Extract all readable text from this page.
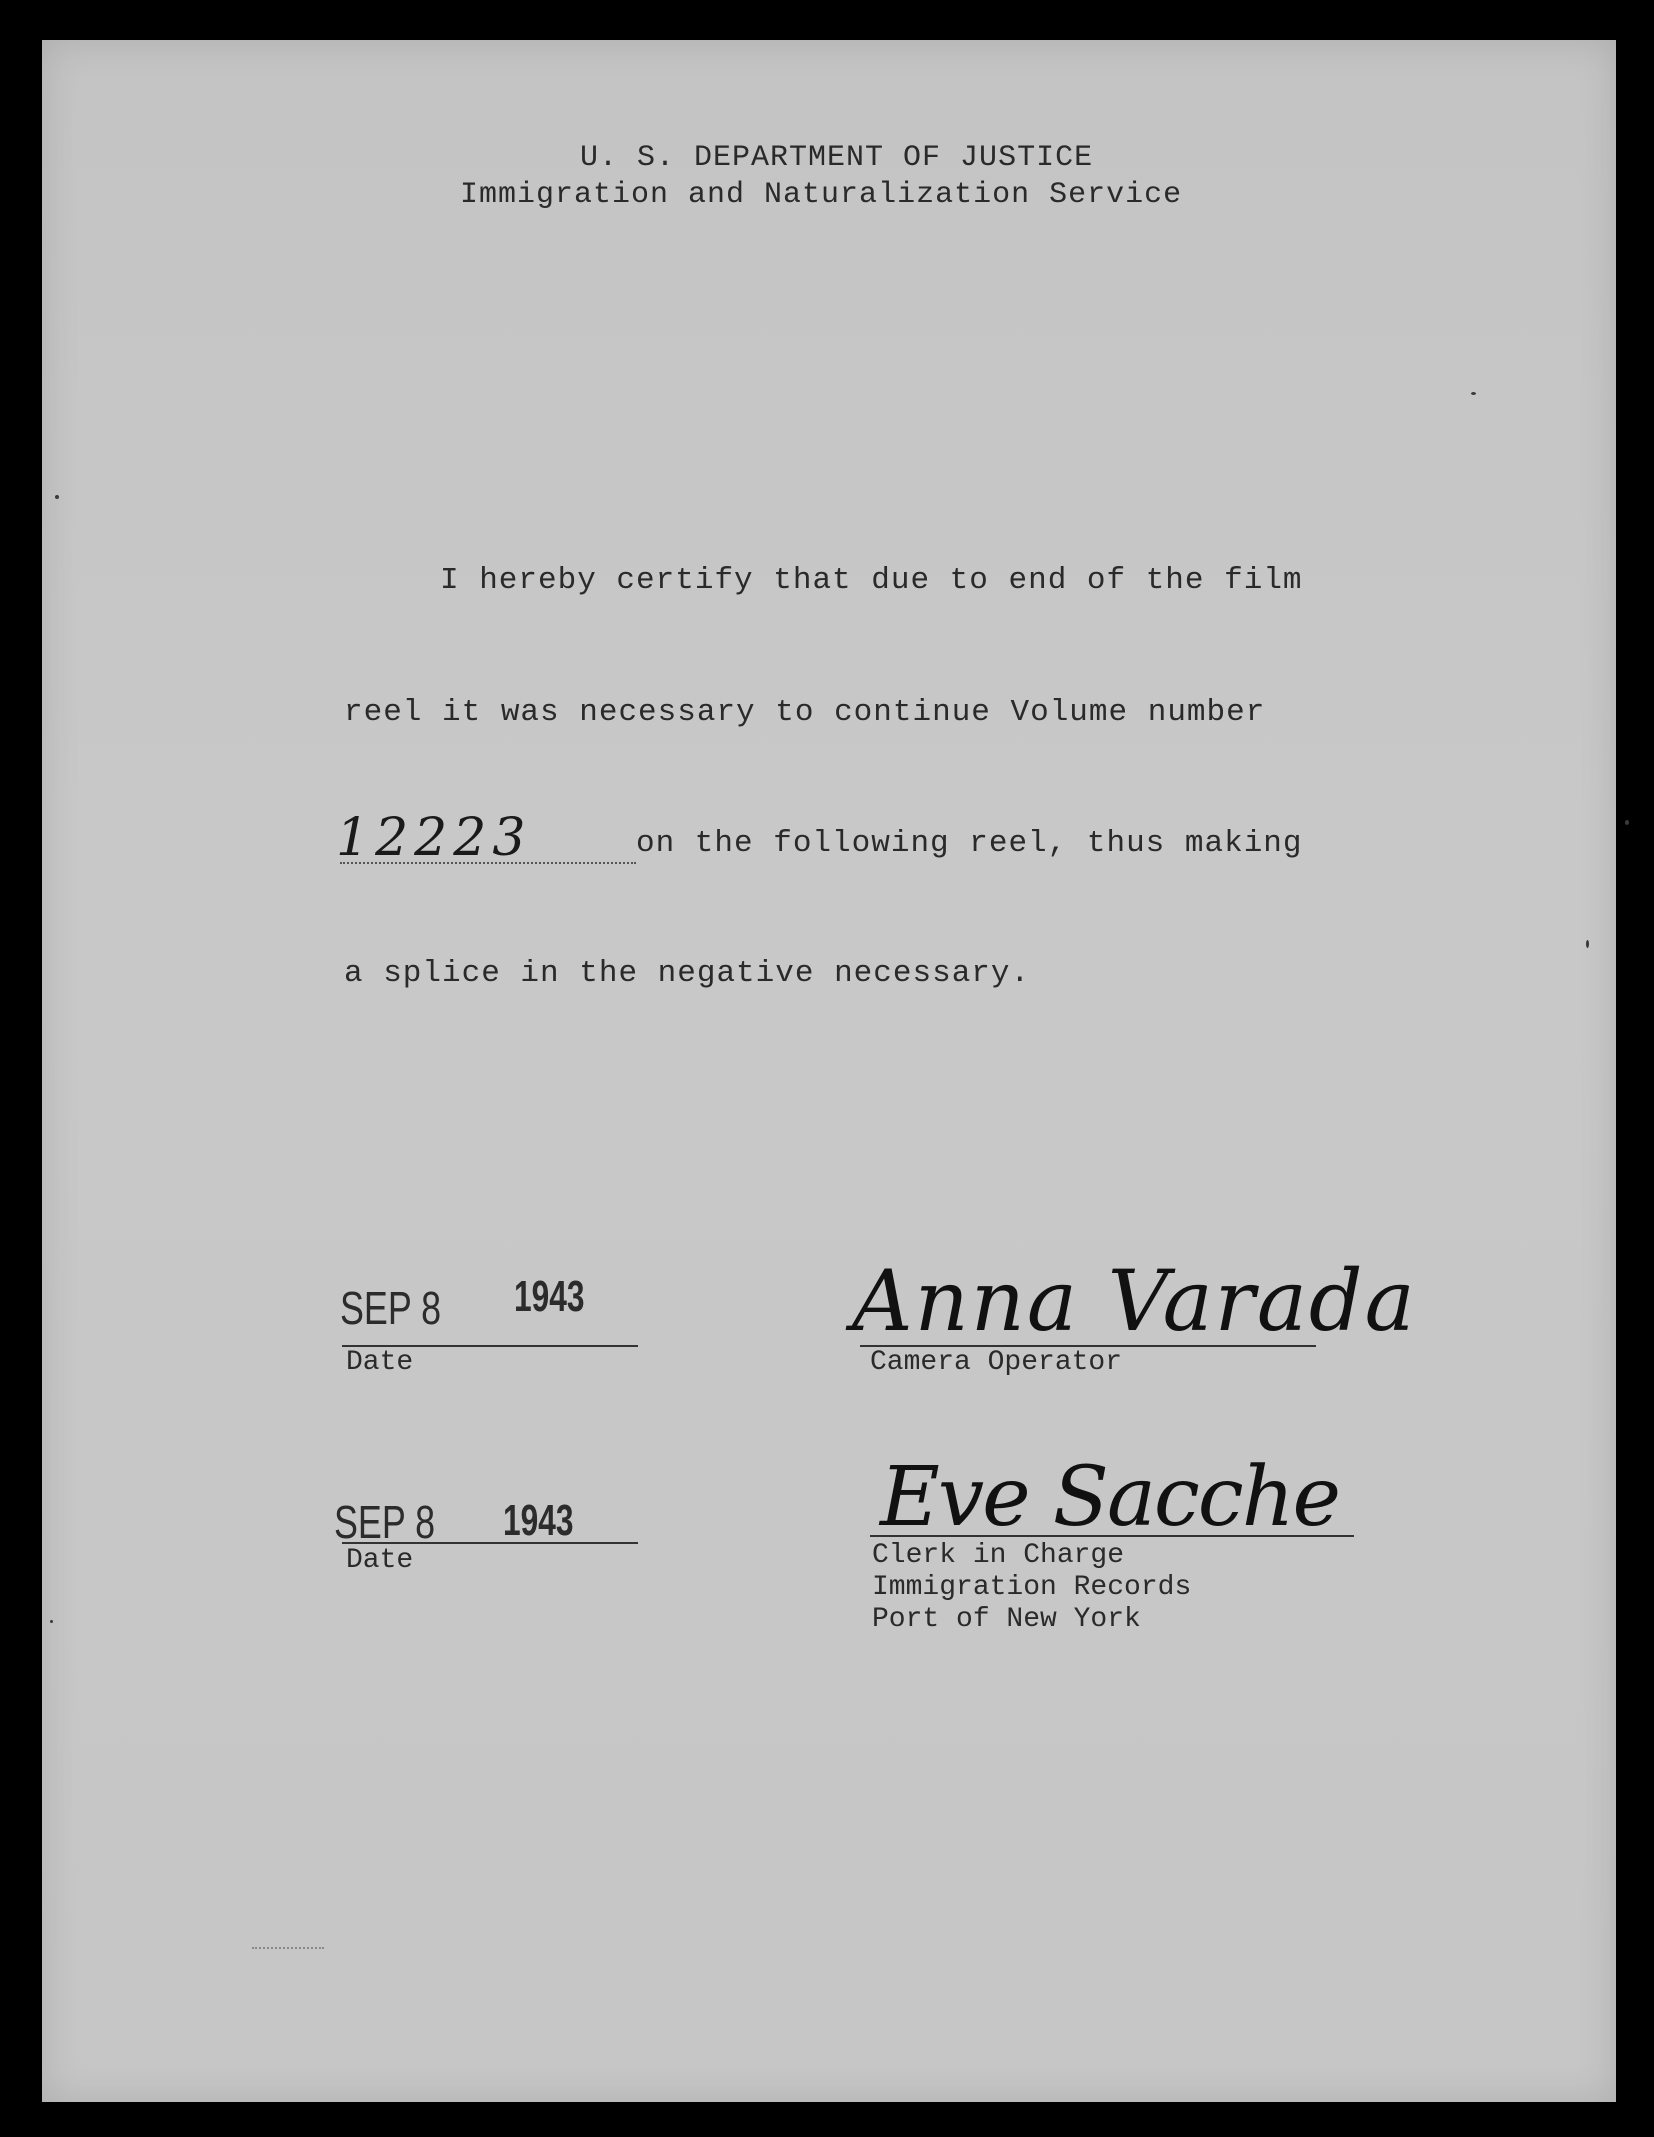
U. S. DEPARTMENT OF JUSTICE
Immigration and Naturalization Service
I hereby certify that due to end of the film
reel it was necessary to continue Volume number
12223	on the following reel, thus making
a splice in the negative necessary.
SEP 8 1943
Date
Anna Varada
Camera Operator
SEP 8 1943
Date
Eve Sacche
Clerk in Charge
Immigration Records
Port of New York
